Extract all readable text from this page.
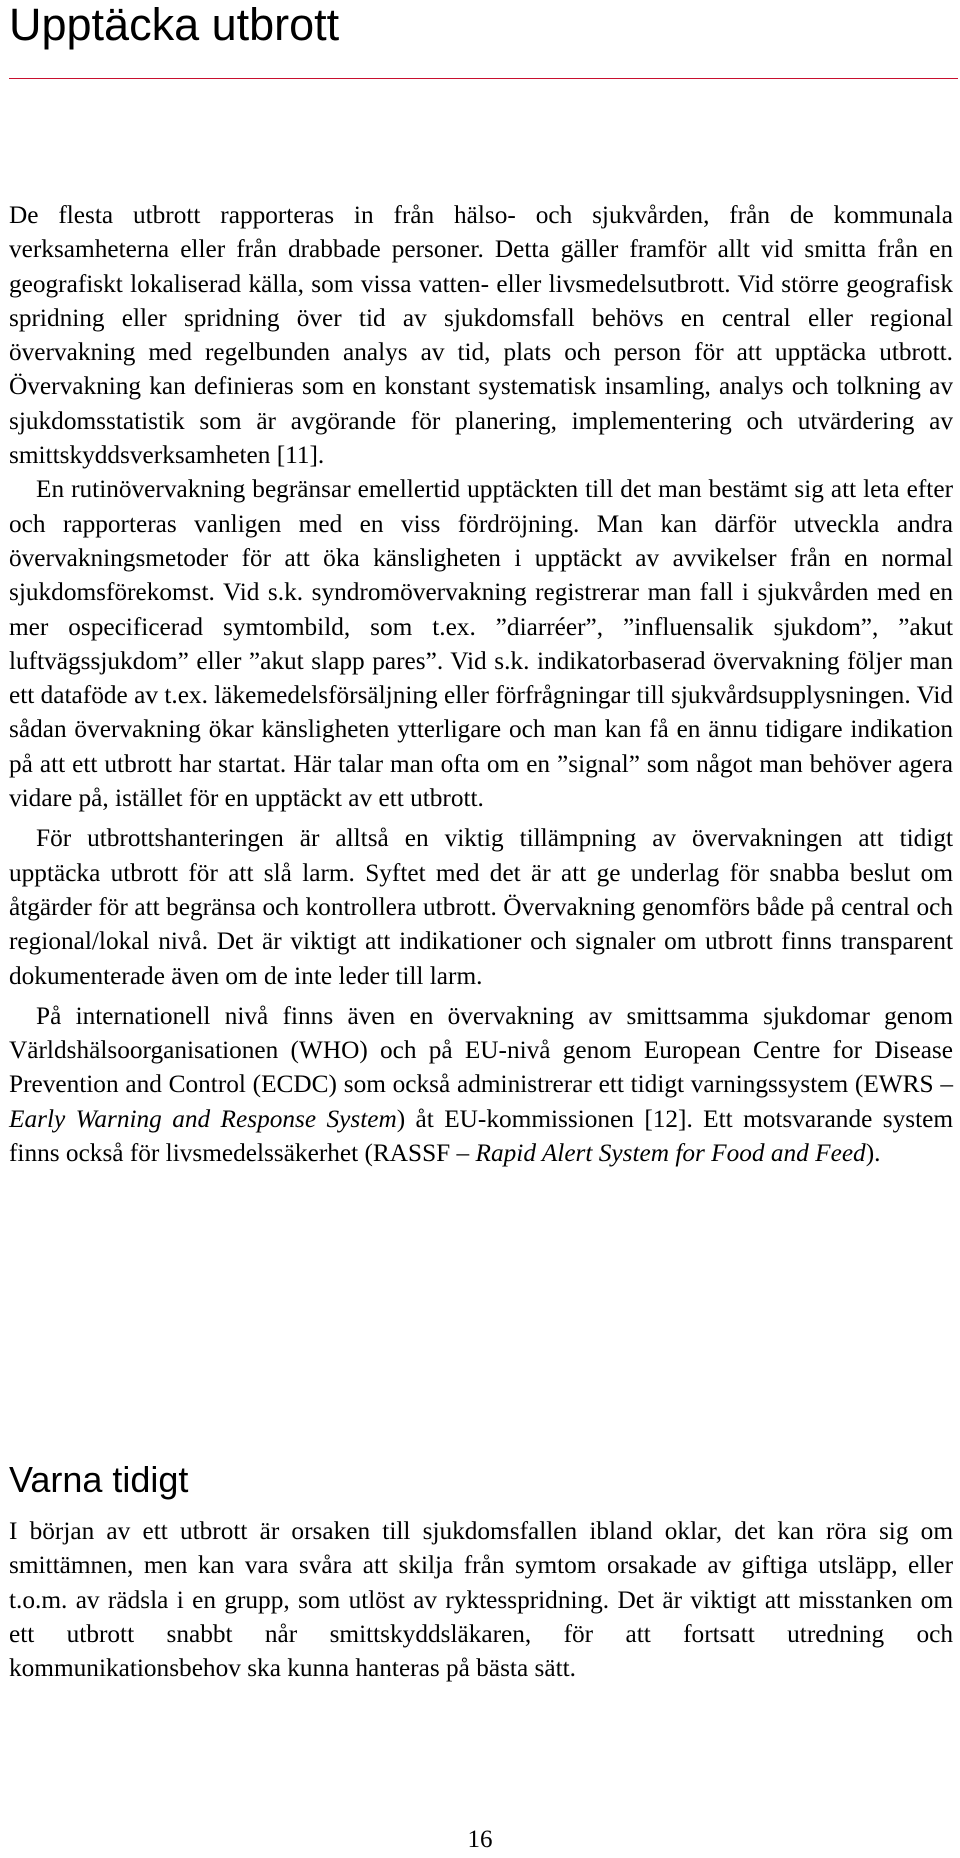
Upptäcka utbrott

De flesta utbrott rapporteras in från hälso- och sjukvården, från de kommunala verksamheterna eller från drabbade personer. Detta gäller framför allt vid smitta från en geografiskt lokaliserad källa, som vissa vatten- eller livsmedelsutbrott. Vid större geografisk spridning eller spridning över tid av sjukdomsfall behövs en central eller regional övervakning med regelbunden analys av tid, plats och person för att upptäcka utbrott. Övervakning kan definieras som en konstant systematisk insamling, analys och tolkning av sjukdomsstatistik som är avgörande för planering, implementering och utvärdering av smittskyddsverksamheten [11].

En rutinövervakning begränsar emellertid upptäckten till det man bestämt sig att leta efter och rapporteras vanligen med en viss fördröjning. Man kan därför utveckla andra övervakningsmetoder för att öka känsligheten i upptäckt av avvikelser från en normal sjukdomsförekomst. Vid s.k. syndromövervakning registrerar man fall i sjukvården med en mer ospecificerad symtombild, som t.ex. ”diarréer”, ”influensalik sjukdom”, ”akut luftvägssjukdom” eller ”akut slapp pares”. Vid s.k. indikatorbaserad övervakning följer man ett dataföde av t.ex. läkemedelsförsäljning eller förfrågningar till sjukvårdsupplysningen. Vid sådan övervakning ökar känsligheten ytterligare och man kan få en ännu tidigare indikation på att ett utbrott har startat. Här talar man ofta om en ”signal” som något man behöver agera vidare på, istället för en upptäckt av ett utbrott.

För utbrottshanteringen är alltså en viktig tillämpning av övervakningen att tidigt upptäcka utbrott för att slå larm. Syftet med det är att ge underlag för snabba beslut om åtgärder för att begränsa och kontrollera utbrott. Övervakning genomförs både på central och regional/lokal nivå. Det är viktigt att indikationer och signaler om utbrott finns transparent dokumenterade även om de inte leder till larm.

På internationell nivå finns även en övervakning av smittsamma sjukdomar genom Världshälsoorganisationen (WHO) och på EU-nivå genom European Centre for Disease Prevention and Control (ECDC) som också administrerar ett tidigt varningssystem (EWRS – Early Warning and Response System) åt EU-kommissionen [12]. Ett motsvarande system finns också för livsmedelssäkerhet (RASSF – Rapid Alert System for Food and Feed).

Varna tidigt

I början av ett utbrott är orsaken till sjukdomsfallen ibland oklar, det kan röra sig om smittämnen, men kan vara svåra att skilja från symtom orsakade av giftiga utsläpp, eller t.o.m. av rädsla i en grupp, som utlöst av ryktesspridning. Det är viktigt att misstanken om ett utbrott snabbt når smittskyddsläkaren, för att fortsatt utredning och kommunikationsbehov ska kunna hanteras på bästa sätt.

16
